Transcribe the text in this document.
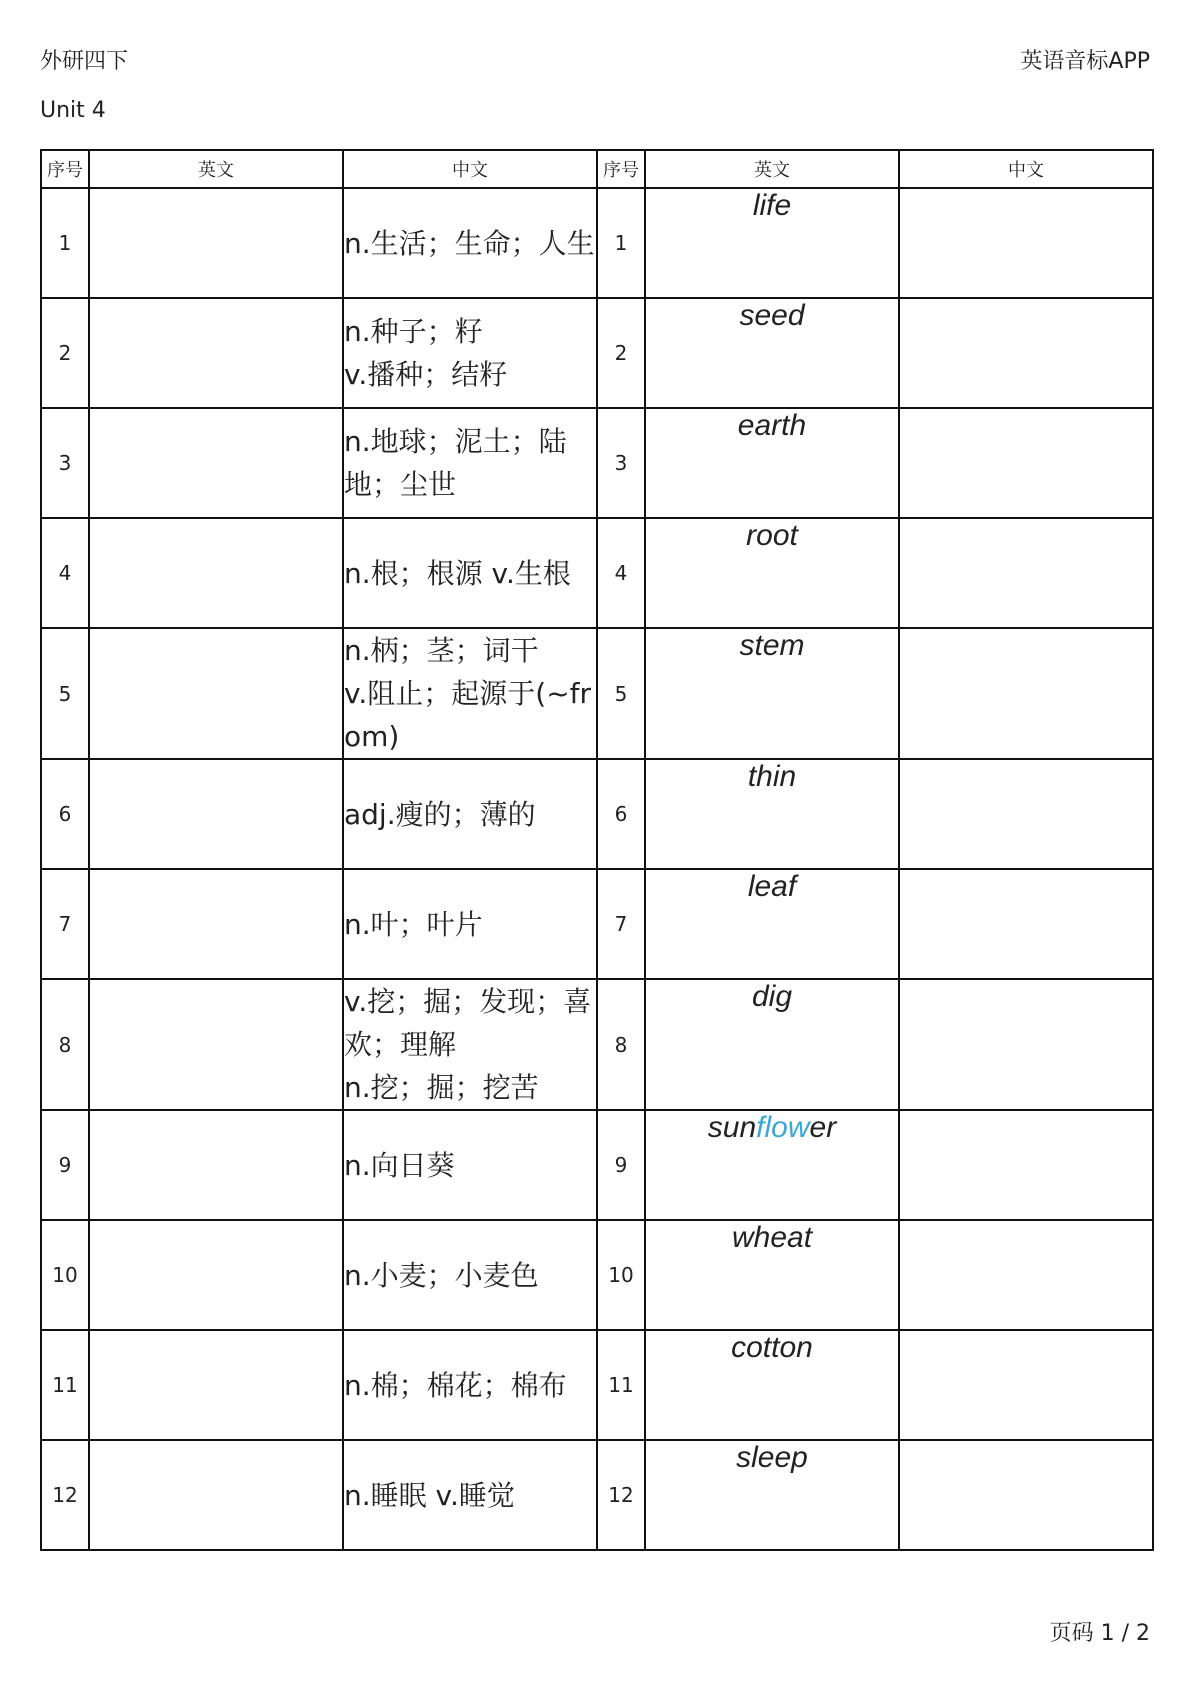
外研四下	英语音标APP
Unit 4
序号	英文	中文	序号	英文	中文
1		n.生活；生命；人生	1	life	
2		n.种子；籽
v.播种；结籽	2	seed	
3		n.地球；泥土；陆地；尘世	3	earth	
4		n.根；根源 v.生根	4	root	
5		n.柄；茎；词干
v.阻止；起源于(~from)	5	stem	
6		adj.瘦的；薄的	6	thin	
7		n.叶；叶片	7	leaf	
8		v.挖；掘；发现；喜欢；理解
n.挖；掘；挖苦	8	dig	
9		n.向日葵	9	sunflower	
10		n.小麦；小麦色	10	wheat	
11		n.棉；棉花；棉布	11	cotton	
12		n.睡眠 v.睡觉	12	sleep	
页码 1 / 2
